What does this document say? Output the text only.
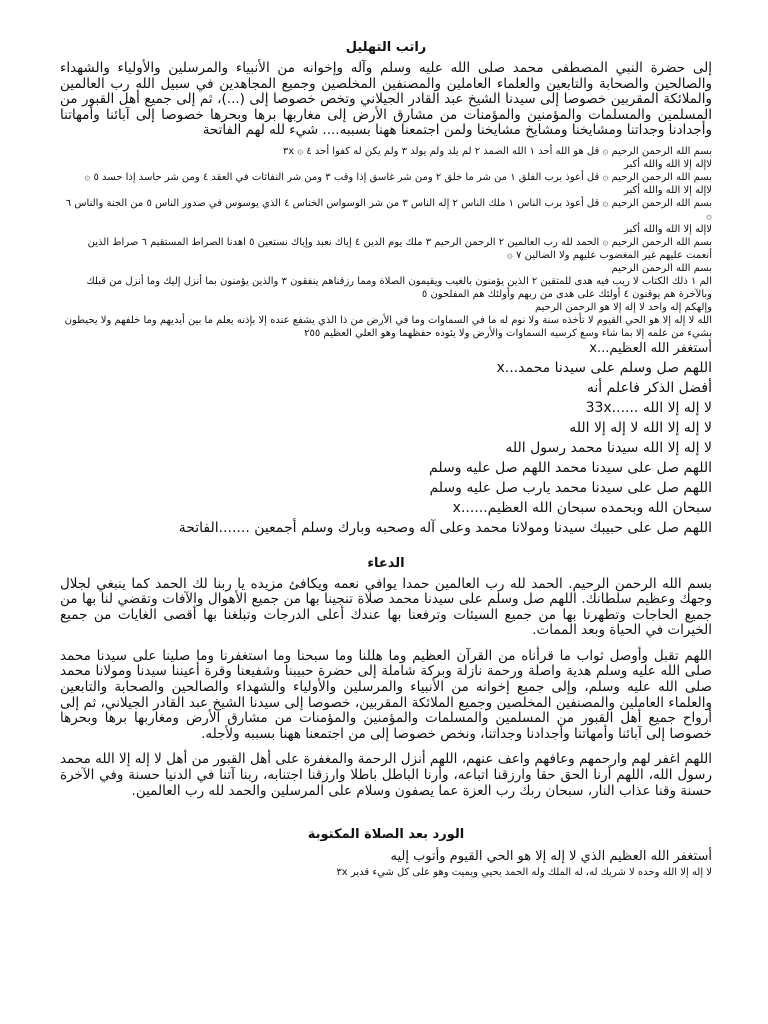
راتب التهليل

إلى حضرة النبي المصطفى محمد صلى الله عليه وسلم وآله وإخوانه من الأنبياء والمرسلين والأولياء والشهداء والصالحين والصحابة والتابعين والعلماء العاملين والمصنفين المخلصين وجميع المجاهدين في سبيل الله رب العالمين والملائكة المقربين خصوصا إلى سيدنا الشيخ عبد القادر الجيلاني وتخص خصوصا إلى (...)، ثم إلى جميع أهل القبور من المسلمين والمسلمات والمؤمنين والمؤمنات من مشارق الأرض إلى مغاربها برها وبحرها خصوصا إلى آبائنا وأمهاتنا وأجدادنا وجداتنا ومشايخنا ومشايخ مشايخنا ولمن اجتمعنا ههنا بسببه.... شيء لله لهم الفاتحة

بسم الله الرحمن الرحيم ۞ قل هو الله أحد ١ الله الصمد ٢ لم يلد ولم يولد ٣ ولم يكن له كفوا أحد ٤ ۞ ٣x

لاإله إلا الله والله أكبر

بسم الله الرحمن الرحيم ۞ قل أعوذ برب الفلق ١ من شر ما خلق ٢ ومن شر غاسق إذا وقب ٣ ومن شر النفاثات في العقد ٤ ومن شر حاسد إذا حسد ٥ ۞

لاإله إلا الله والله أكبر

بسم الله الرحمن الرحيم ۞ قل أعوذ برب الناس ١ ملك الناس ٢ إله الناس ٣ من شر الوسواس الخناس ٤ الذي يوسوس في صدور الناس ٥ من الجنة والناس ٦ ۞

لاإله إلا الله والله أكبر

بسم الله الرحمن الرحيم ۞ الحمد لله رب العالمين ٢ الرحمن الرحيم ٣ ملك يوم الدين ٤ إياك نعبد وإياك نستعين ٥ اهدنا الصراط المستقيم ٦ صراط الذين أنعمت عليهم غير المغضوب عليهم ولا الضالين ٧ ۞

بسم الله الرحمن الرحيم

الم ١ ذلك الكتاب لا ريب فيه هدى للمتقين ٢ الذين يؤمنون بالغيب ويقيمون الصلاة ومما رزقناهم ينفقون ٣ والذين يؤمنون بما أنزل إليك وما أنزل من قبلك وبالآخرة هم يوقنون ٤ أولئك على هدى من ربهم وأولئك هم المفلحون ٥

وإلهكم إله واحد لا إله إلا هو الرحمن الرحيم

الله لا إله إلا هو الحي القيوم لا تأخذه سنة ولا نوم له ما في السماوات وما في الأرض من ذا الذي يشفع عنده إلا بإذنه يعلم ما بين أيديهم وما خلفهم ولا يحيطون بشيء من علمه إلا بما شاء وسع كرسيه السماوات والأرض ولا يئوده حفظهما وهو العلي العظيم ٢٥٥

أستغفر الله العظيم...x

اللهم صل وسلم على سيدنا محمد...x

أفضل الذكر فاعلم أنه

لا إله إلا الله ......33x

لا إله إلا الله لا إله إلا الله

لا إله إلا الله سيدنا محمد رسول الله

اللهم صل على سيدنا محمد اللهم صل عليه وسلم

اللهم صل على سيدنا محمد يارب صل عليه وسلم

سبحان الله وبحمده سبحان الله العظيم......x

اللهم صل على حبيبك سيدنا ومولانا محمد وعلى آله وصحبه وبارك وسلم أجمعين .......الفاتحة

الدعاء

بسم الله الرحمن الرحيم. الحمد لله رب العالمين حمدا يوافي نعمه ويكافئ مزيده يا ربنا لك الحمد كما ينبغي لجلال وجهك وعظيم سلطانك. اللهم صل وسلم على سيدنا محمد صلاة تنجينا بها من جميع الأهوال والآفات وتقضي لنا بها من جميع الحاجات وتطهرنا بها من جميع السيئات وترفعنا بها عندك أعلى الدرجات وتبلغنا بها أقصى الغايات من جميع الخيرات في الحياة وبعد الممات.

اللهم تقبل وأوصل ثواب ما قرأناه من القرآن العظيم وما هللنا وما سبحنا وما استغفرنا وما صلينا على سيدنا محمد صلى الله عليه وسلم هدية واصلة ورحمة نازلة وبركة شاملة إلى حضرة حبيبنا وشفيعنا وقرة أعيننا سيدنا ومولانا محمد صلى الله عليه وسلم، وإلى جميع إخوانه من الأنبياء والمرسلين والأولياء والشهداء والصالحين والصحابة والتابعين والعلماء العاملين والمصنفين المخلصين وجميع الملائكة المقربين، خصوصا إلى سيدنا الشيخ عبد القادر الجيلاني، ثم إلى أرواح جميع أهل القبور من المسلمين والمسلمات والمؤمنين والمؤمنات من مشارق الأرض ومغاربها برها وبحرها خصوصا إلى آبائنا وأمهاتنا وأجدادنا وجداتنا، ونخص خصوصا إلى من اجتمعنا ههنا بسببه ولأجله.

اللهم اغفر لهم وارحمهم وعافهم واعف عنهم، اللهم أنزل الرحمة والمغفرة على أهل القبور من أهل لا إله إلا الله محمد رسول الله، اللهم أرنا الحق حقا وارزقنا اتباعه، وأرنا الباطل باطلا وارزقنا اجتنابه، ربنا آتنا في الدنيا حسنة وفي الآخرة حسنة وقنا عذاب النار، سبحان ربك رب العزة عما يصفون وسلام على المرسلين والحمد لله رب العالمين.

الورد بعد الصلاة المكتوبة

أستغفر الله العظيم الذي لا إله إلا هو الحي القيوم وأتوب إليه

لا إله إلا الله وحده لا شريك له، له الملك وله الحمد يحيي ويميت وهو على كل شيء قدير ٣x
